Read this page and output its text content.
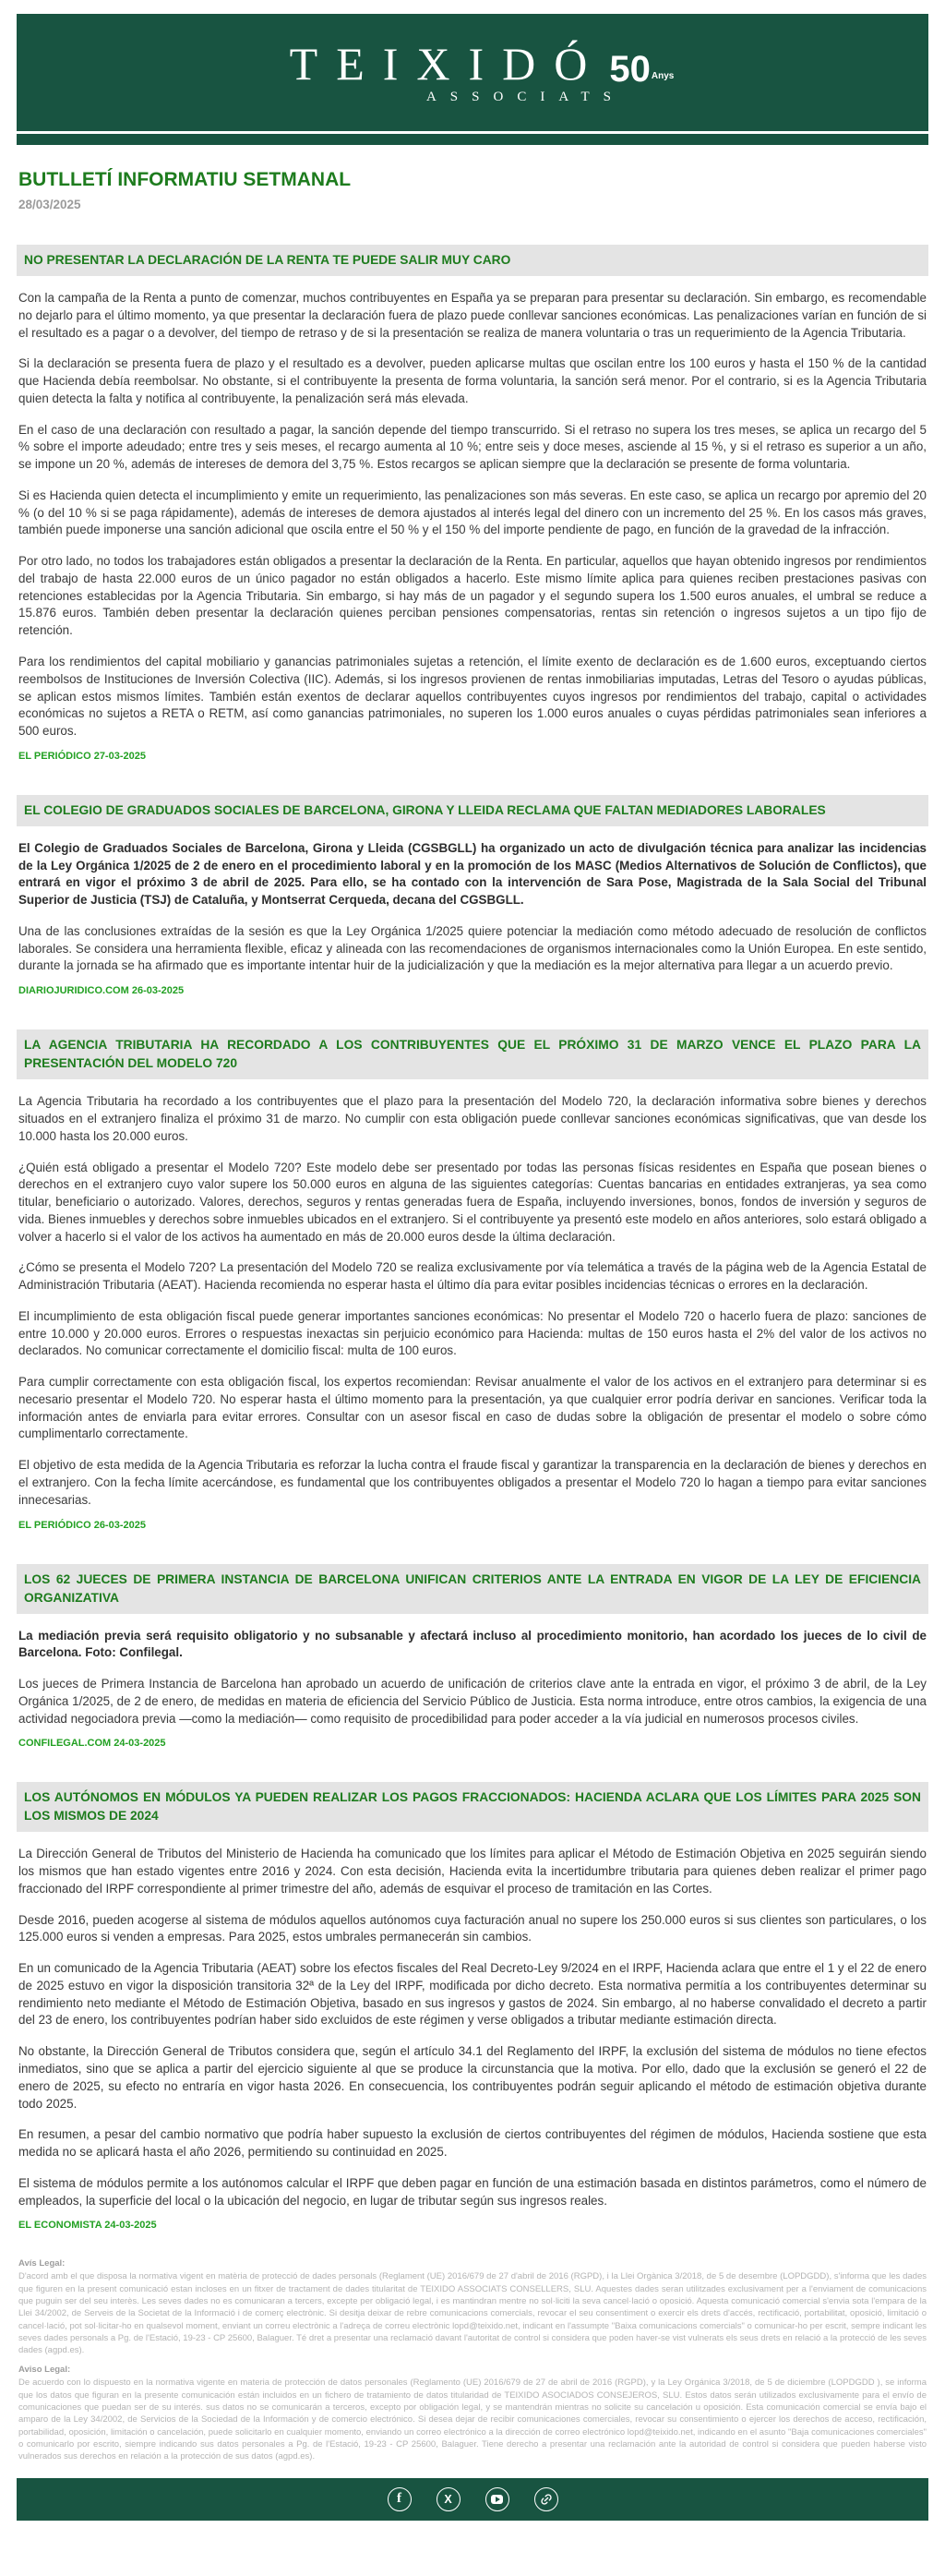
TEIXIDÓ 50 Anys
ASSOCIATS
BUTLLETÍ INFORMATIU SETMANAL
28/03/2025
NO PRESENTAR LA DECLARACIÓN DE LA RENTA TE PUEDE SALIR MUY CARO

Con la campaña de la Renta a punto de comenzar, muchos contribuyentes en España ya se preparan para presentar su declaración. Sin embargo, es recomendable no dejarlo para el último momento, ya que presentar la declaración fuera de plazo puede conllevar sanciones económicas. Las penalizaciones varían en función de si el resultado es a pagar o a devolver, del tiempo de retraso y de si la presentación se realiza de manera voluntaria o tras un requerimiento de la Agencia Tributaria.

Si la declaración se presenta fuera de plazo y el resultado es a devolver, pueden aplicarse multas que oscilan entre los 100 euros y hasta el 150 % de la cantidad que Hacienda debía reembolsar. No obstante, si el contribuyente la presenta de forma voluntaria, la sanción será menor. Por el contrario, si es la Agencia Tributaria quien detecta la falta y notifica al contribuyente, la penalización será más elevada.

En el caso de una declaración con resultado a pagar, la sanción depende del tiempo transcurrido. Si el retraso no supera los tres meses, se aplica un recargo del 5 % sobre el importe adeudado; entre tres y seis meses, el recargo aumenta al 10 %; entre seis y doce meses, asciende al 15 %, y si el retraso es superior a un año, se impone un 20 %, además de intereses de demora del 3,75 %. Estos recargos se aplican siempre que la declaración se presente de forma voluntaria.

Si es Hacienda quien detecta el incumplimiento y emite un requerimiento, las penalizaciones son más severas. En este caso, se aplica un recargo por apremio del 20 % (o del 10 % si se paga rápidamente), además de intereses de demora ajustados al interés legal del dinero con un incremento del 25 %. En los casos más graves, también puede imponerse una sanción adicional que oscila entre el 50 % y el 150 % del importe pendiente de pago, en función de la gravedad de la infracción.

Por otro lado, no todos los trabajadores están obligados a presentar la declaración de la Renta. En particular, aquellos que hayan obtenido ingresos por rendimientos del trabajo de hasta 22.000 euros de un único pagador no están obligados a hacerlo. Este mismo límite aplica para quienes reciben prestaciones pasivas con retenciones establecidas por la Agencia Tributaria. Sin embargo, si hay más de un pagador y el segundo supera los 1.500 euros anuales, el umbral se reduce a 15.876 euros. También deben presentar la declaración quienes perciban pensiones compensatorias, rentas sin retención o ingresos sujetos a un tipo fijo de retención.

Para los rendimientos del capital mobiliario y ganancias patrimoniales sujetas a retención, el límite exento de declaración es de 1.600 euros, exceptuando ciertos reembolsos de Instituciones de Inversión Colectiva (IIC). Además, si los ingresos provienen de rentas inmobiliarias imputadas, Letras del Tesoro o ayudas públicas, se aplican estos mismos límites. También están exentos de declarar aquellos contribuyentes cuyos ingresos por rendimientos del trabajo, capital o actividades económicas no sujetos a RETA o RETM, así como ganancias patrimoniales, no superen los 1.000 euros anuales o cuyas pérdidas patrimoniales sean inferiores a 500 euros.

EL PERIÓDICO 27-03-2025
EL COLEGIO DE GRADUADOS SOCIALES DE BARCELONA, GIRONA Y LLEIDA RECLAMA QUE FALTAN MEDIADORES LABORALES

El Colegio de Graduados Sociales de Barcelona, Girona y Lleida (CGSBGLL) ha organizado un acto de divulgación técnica para analizar las incidencias de la Ley Orgánica 1/2025 de 2 de enero en el procedimiento laboral y en la promoción de los MASC (Medios Alternativos de Solución de Conflictos), que entrará en vigor el próximo 3 de abril de 2025. Para ello, se ha contado con la intervención de Sara Pose, Magistrada de la Sala Social del Tribunal Superior de Justicia (TSJ) de Cataluña, y Montserrat Cerqueda, decana del CGSBGLL.

Una de las conclusiones extraídas de la sesión es que la Ley Orgánica 1/2025 quiere potenciar la mediación como método adecuado de resolución de conflictos laborales. Se considera una herramienta flexible, eficaz y alineada con las recomendaciones de organismos internacionales como la Unión Europea. En este sentido, durante la jornada se ha afirmado que es importante intentar huir de la judicialización y que la mediación es la mejor alternativa para llegar a un acuerdo previo.

DIARIOJURIDICO.COM 26-03-2025
LA AGENCIA TRIBUTARIA HA RECORDADO A LOS CONTRIBUYENTES QUE EL PRÓXIMO 31 DE MARZO VENCE EL PLAZO PARA LA PRESENTACIÓN DEL MODELO 720

La Agencia Tributaria ha recordado a los contribuyentes que el plazo para la presentación del Modelo 720, la declaración informativa sobre bienes y derechos situados en el extranjero finaliza el próximo 31 de marzo. No cumplir con esta obligación puede conllevar sanciones económicas significativas, que van desde los 10.000 hasta los 20.000 euros.

¿Quién está obligado a presentar el Modelo 720? Este modelo debe ser presentado por todas las personas físicas residentes en España que posean bienes o derechos en el extranjero cuyo valor supere los 50.000 euros en alguna de las siguientes categorías: Cuentas bancarias en entidades extranjeras, ya sea como titular, beneficiario o autorizado. Valores, derechos, seguros y rentas generadas fuera de España, incluyendo inversiones, bonos, fondos de inversión y seguros de vida. Bienes inmuebles y derechos sobre inmuebles ubicados en el extranjero. Si el contribuyente ya presentó este modelo en años anteriores, solo estará obligado a volver a hacerlo si el valor de los activos ha aumentado en más de 20.000 euros desde la última declaración.

¿Cómo se presenta el Modelo 720? La presentación del Modelo 720 se realiza exclusivamente por vía telemática a través de la página web de la Agencia Estatal de Administración Tributaria (AEAT). Hacienda recomienda no esperar hasta el último día para evitar posibles incidencias técnicas o errores en la declaración.

El incumplimiento de esta obligación fiscal puede generar importantes sanciones económicas: No presentar el Modelo 720 o hacerlo fuera de plazo: sanciones de entre 10.000 y 20.000 euros. Errores o respuestas inexactas sin perjuicio económico para Hacienda: multas de 150 euros hasta el 2% del valor de los activos no declarados. No comunicar correctamente el domicilio fiscal: multa de 100 euros.

Para cumplir correctamente con esta obligación fiscal, los expertos recomiendan: Revisar anualmente el valor de los activos en el extranjero para determinar si es necesario presentar el Modelo 720. No esperar hasta el último momento para la presentación, ya que cualquier error podría derivar en sanciones. Verificar toda la información antes de enviarla para evitar errores. Consultar con un asesor fiscal en caso de dudas sobre la obligación de presentar el modelo o sobre cómo cumplimentarlo correctamente.

El objetivo de esta medida de la Agencia Tributaria es reforzar la lucha contra el fraude fiscal y garantizar la transparencia en la declaración de bienes y derechos en el extranjero. Con la fecha límite acercándose, es fundamental que los contribuyentes obligados a presentar el Modelo 720 lo hagan a tiempo para evitar sanciones innecesarias.

EL PERIÓDICO 26-03-2025
LOS 62 JUECES DE PRIMERA INSTANCIA DE BARCELONA UNIFICAN CRITERIOS ANTE LA ENTRADA EN VIGOR DE LA LEY DE EFICIENCIA ORGANIZATIVA

La mediación previa será requisito obligatorio y no subsanable y afectará incluso al procedimiento monitorio, han acordado los jueces de lo civil de Barcelona. Foto: Confilegal.

Los jueces de Primera Instancia de Barcelona han aprobado un acuerdo de unificación de criterios clave ante la entrada en vigor, el próximo 3 de abril, de la Ley Orgánica 1/2025, de 2 de enero, de medidas en materia de eficiencia del Servicio Público de Justicia. Esta norma introduce, entre otros cambios, la exigencia de una actividad negociadora previa —como la mediación— como requisito de procedibilidad para poder acceder a la vía judicial en numerosos procesos civiles.

CONFILEGAL.COM 24-03-2025
LOS AUTÓNOMOS EN MÓDULOS YA PUEDEN REALIZAR LOS PAGOS FRACCIONADOS: HACIENDA ACLARA QUE LOS LÍMITES PARA 2025 SON LOS MISMOS DE 2024

La Dirección General de Tributos del Ministerio de Hacienda ha comunicado que los límites para aplicar el Método de Estimación Objetiva en 2025 seguirán siendo los mismos que han estado vigentes entre 2016 y 2024. Con esta decisión, Hacienda evita la incertidumbre tributaria para quienes deben realizar el primer pago fraccionado del IRPF correspondiente al primer trimestre del año, además de esquivar el proceso de tramitación en las Cortes.

Desde 2016, pueden acogerse al sistema de módulos aquellos autónomos cuya facturación anual no supere los 250.000 euros si sus clientes son particulares, o los 125.000 euros si venden a empresas. Para 2025, estos umbrales permanecerán sin cambios.

En un comunicado de la Agencia Tributaria (AEAT) sobre los efectos fiscales del Real Decreto-Ley 9/2024 en el IRPF, Hacienda aclara que entre el 1 y el 22 de enero de 2025 estuvo en vigor la disposición transitoria 32ª de la Ley del IRPF, modificada por dicho decreto. Esta normativa permitía a los contribuyentes determinar su rendimiento neto mediante el Método de Estimación Objetiva, basado en sus ingresos y gastos de 2024. Sin embargo, al no haberse convalidado el decreto a partir del 23 de enero, los contribuyentes podrían haber sido excluidos de este régimen y verse obligados a tributar mediante estimación directa.

No obstante, la Dirección General de Tributos considera que, según el artículo 34.1 del Reglamento del IRPF, la exclusión del sistema de módulos no tiene efectos inmediatos, sino que se aplica a partir del ejercicio siguiente al que se produce la circunstancia que la motiva. Por ello, dado que la exclusión se generó el 22 de enero de 2025, su efecto no entraría en vigor hasta 2026. En consecuencia, los contribuyentes podrán seguir aplicando el método de estimación objetiva durante todo 2025.

En resumen, a pesar del cambio normativo que podría haber supuesto la exclusión de ciertos contribuyentes del régimen de módulos, Hacienda sostiene que esta medida no se aplicará hasta el año 2026, permitiendo su continuidad en 2025.

El sistema de módulos permite a los autónomos calcular el IRPF que deben pagar en función de una estimación basada en distintos parámetros, como el número de empleados, la superficie del local o la ubicación del negocio, en lugar de tributar según sus ingresos reales.

EL ECONOMISTA 24-03-2025
Avís Legal:
D'acord amb el que disposa la normativa vigent en matèria de protecció de dades personals (Reglament (UE) 2016/679 de 27 d'abril de 2016 (RGPD), i la Llei Orgànica 3/2018, de 5 de desembre (LOPDGDD), s'informa que les dades que figuren en la present comunicació estan incloses en un fitxer de tractament de dades titularitat de TEIXIDO ASSOCIATS CONSELLERS, SLU. Aquestes dades seran utilitzades exclusivament per a l'enviament de comunicacions que puguin ser del seu interès. Les seves dades no es comunicaran a tercers, excepte per obligació legal, i es mantindran mentre no sol·liciti la seva cancel·lació o oposició. Aquesta comunicació comercial s'envia sota l'empara de la Llei 34/2002, de Serveis de la Societat de la Informació i de comerç electrònic. Si desitja deixar de rebre comunicacions comercials, revocar el seu consentiment o exercir els drets d'accés, rectificació, portabilitat, oposició, limitació o cancel·lació, pot sol·licitar-ho en qualsevol moment, enviant un correu electrònic a l'adreça de correu electrònic lopd@teixido.net, indicant en l'assumpte "Baixa comunicacions comercials" o comunicar-ho per escrit, sempre indicant les seves dades personals a Pg. de l'Estació, 19-23 - CP 25600, Balaguer. Té dret a presentar una reclamació davant l'autoritat de control si considera que poden haver-se vist vulnerats els seus drets en relació a la protecció de les seves dades (agpd.es).
Aviso Legal:
De acuerdo con lo dispuesto en la normativa vigente en materia de protección de datos personales (Reglamento (UE) 2016/679 de 27 de abril de 2016 (RGPD), y la Ley Orgánica 3/2018, de 5 de diciembre (LOPDGDD ), se informa que los datos que figuran en la presente comunicación están incluidos en un fichero de tratamiento de datos titularidad de TEIXIDO ASOCIADOS CONSEJEROS, SLU. Estos datos serán utilizados exclusivamente para el envío de comunicaciones que puedan ser de su interés. sus datos no se comunicarán a terceros, excepto por obligación legal, y se mantendrán mientras no solicite su cancelación u oposición. Esta comunicación comercial se envía bajo el amparo de la Ley 34/2002, de Servicios de la Sociedad de la Información y de comercio electrónico. Si desea dejar de recibir comunicaciones comerciales, revocar su consentimiento o ejercer los derechos de acceso, rectificación, portabilidad, oposición, limitación o cancelación, puede solicitarlo en cualquier momento, enviando un correo electrónico a la dirección de correo electrónico lopd@teixido.net, indicando en el asunto "Baja comunicaciones comerciales" o comunicarlo por escrito, siempre indicando sus datos personales a Pg. de l'Estació, 19-23 - CP 25600, Balaguer. Tiene derecho a presentar una reclamación ante la autoridad de control si considera que pueden haberse visto vulnerados sus derechos en relación a la protección de sus datos (agpd.es).
f	X
